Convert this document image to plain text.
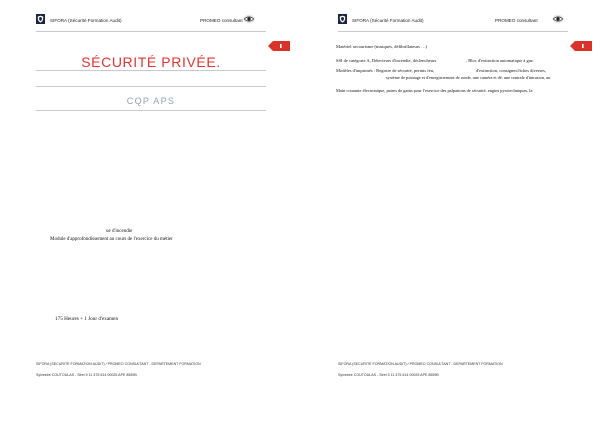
SIFORA (Sécurité Formation Audit)	PROMEO consultant
SÉCURITÉ PRIVÉE.
CQP APS
ue d'incendie
Module d'approfondissement au cours de l'exercice du métier
175 Heures + 1 Jour d'examen
SIFORA (SECURITE FORMATION AUDIT) / PROMEO CONSULTANT - DEPARTEMENT FORMATION
Sylvestre COUTOULAS - Siret 5 11 475 614 00025 APE 8559B
SIFORA (Sécurité Formation Audit)	PROMEO consultant
Matériel secourisme (masques, défibrillateurs …)
SSI de catégorie A, Détecteurs d'incendie, déclencheurs	, Bloc d'extinction automatique à gaz.
Modèles d'imprimés : Registre de sécurité, permis feu,	d'extinction, consignes/fiches diverses,
système de pointage et d'enregistrement de ronde, une caméra et dé, une centrale d'intrusion, un
Main courante électronique, paires de gants pour l'exercice des palpations de sécurité, engins pyrotechniques, la
SIFORA (SECURITE FORMATION AUDIT) / PROMEO CONSULTANT - DEPARTEMENT FORMATION
Sylvestre COUTOULAS - Siret 5 11 475 614 00025 APE 8559B
